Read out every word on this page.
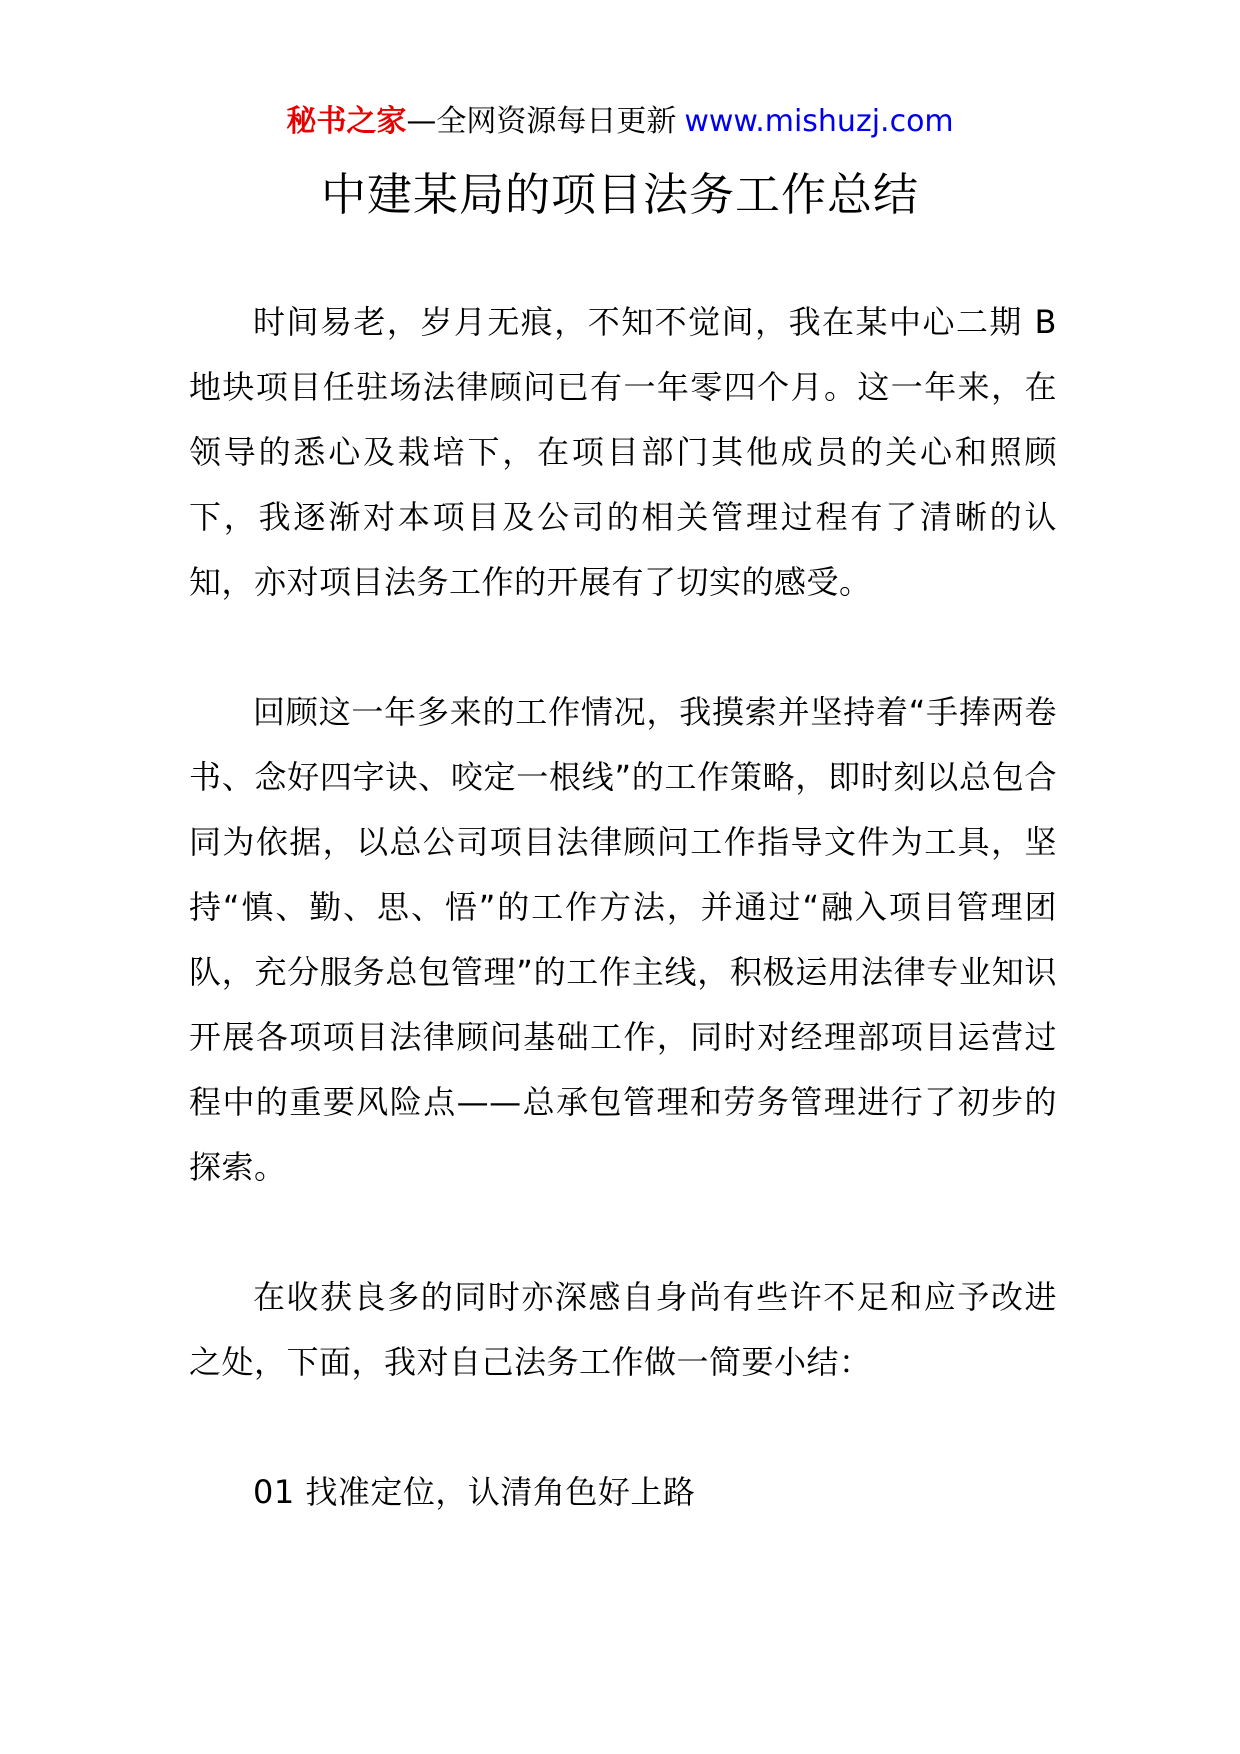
秘书之家—全网资源每日更新 www.mishuzj.com
中建某局的项目法务工作总结

时间易老，岁月无痕，不知不觉间，我在某中心二期 B 地块项目任驻场法律顾问已有一年零四个月。这一年来，在领导的悉心及栽培下，在项目部门其他成员的关心和照顾下，我逐渐对本项目及公司的相关管理过程有了清晰的认知，亦对项目法务工作的开展有了切实的感受。

回顾这一年多来的工作情况，我摸索并坚持着“手捧两卷书、念好四字诀、咬定一根线”的工作策略，即时刻以总包合同为依据，以总公司项目法律顾问工作指导文件为工具，坚持“慎、勤、思、悟”的工作方法，并通过“融入项目管理团队，充分服务总包管理”的工作主线，积极运用法律专业知识开展各项项目法律顾问基础工作，同时对经理部项目运营过程中的重要风险点——总承包管理和劳务管理进行了初步的探索。

在收获良多的同时亦深感自身尚有些许不足和应予改进之处，下面，我对自己法务工作做一简要小结：

01 找准定位，认清角色好上路
